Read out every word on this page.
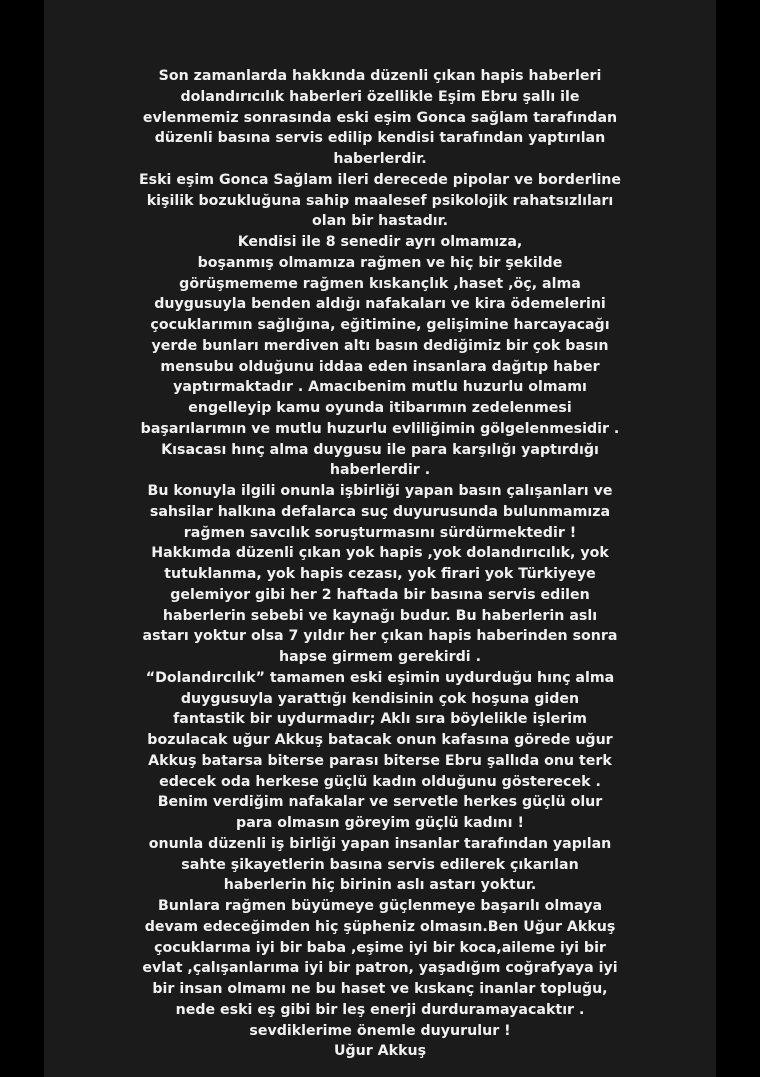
Son zamanlarda hakkında düzenli çıkan hapis haberleri
dolandırıcılık haberleri özellikle Eşim Ebru şallı ile
evlenmemiz sonrasında eski eşim Gonca sağlam tarafından
düzenli basına servis edilip kendisi tarafından yaptırılan
haberlerdir.
Eski eşim Gonca Sağlam ileri derecede pipolar ve borderline
kişilik bozukluğuna sahip maalesef psikolojik rahatsızlıları
olan bir hastadır.
Kendisi ile 8 senedir ayrı olmamıza,
boşanmış olmamıza rağmen ve hiç bir şekilde
görüşmememe rağmen kıskançlık ,haset ,öç, alma
duygusuyla benden aldığı nafakaları ve kira ödemelerini
çocuklarımın sağlığına, eğitimine, gelişimine harcayacağı
yerde bunları merdiven altı basın dediğimiz bir çok basın
mensubu olduğunu iddaa eden insanlara dağıtıp haber
yaptırmaktadır . Amacıbenim mutlu huzurlu olmamı
engelleyip kamu oyunda itibarımın zedelenmesi
başarılarımın ve mutlu huzurlu evliliğimin gölgelenmesidir .
Kısacası hınç alma duygusu ile para karşılığı yaptırdığı
haberlerdir .
Bu konuyla ilgili onunla işbirliği yapan basın çalışanları ve
sahsilar halkına defalarca suç duyurusunda bulunmamıza
rağmen savcılık soruşturmasını sürdürmektedir !
Hakkımda düzenli çıkan yok hapis ,yok dolandırıcılık, yok
tutuklanma, yok hapis cezası, yok firari yok Türkiyeye
gelemiyor gibi her 2 haftada bir basına servis edilen
haberlerin sebebi ve kaynağı budur. Bu haberlerin aslı
astarı yoktur olsa 7 yıldır her çıkan hapis haberinden sonra
hapse girmem gerekirdi .
“Dolandırcılık” tamamen eski eşimin uydurduğu hınç alma
duygusuyla yarattığı kendisinin çok hoşuna giden
fantastik bir uydurmadır; Aklı sıra böylelikle işlerim
bozulacak uğur Akkuş batacak onun kafasına görede uğur
Akkuş batarsa biterse parası biterse Ebru şallıda onu terk
edecek oda herkese güçlü kadın olduğunu gösterecek .
Benim verdiğim nafakalar ve servetle herkes güçlü olur
para olmasın göreyim güçlü kadını !
onunla düzenli iş birliği yapan insanlar tarafından yapılan
sahte şikayetlerin basına servis edilerek çıkarılan
haberlerin hiç birinin aslı astarı yoktur.
Bunlara rağmen büyümeye güçlenmeye başarılı olmaya
devam edeceğimden hiç şüpheniz olmasın.Ben Uğur Akkuş
çocuklarıma iyi bir baba ,eşime iyi bir koca,aileme iyi bir
evlat ,çalışanlarıma iyi bir patron, yaşadığım coğrafyaya iyi
bir insan olmamı ne bu haset ve kıskanç inanlar topluğu,
nede eski eş gibi bir leş enerji durduramayacaktır .
sevdiklerime önemle duyurulur !
Uğur Akkuş
